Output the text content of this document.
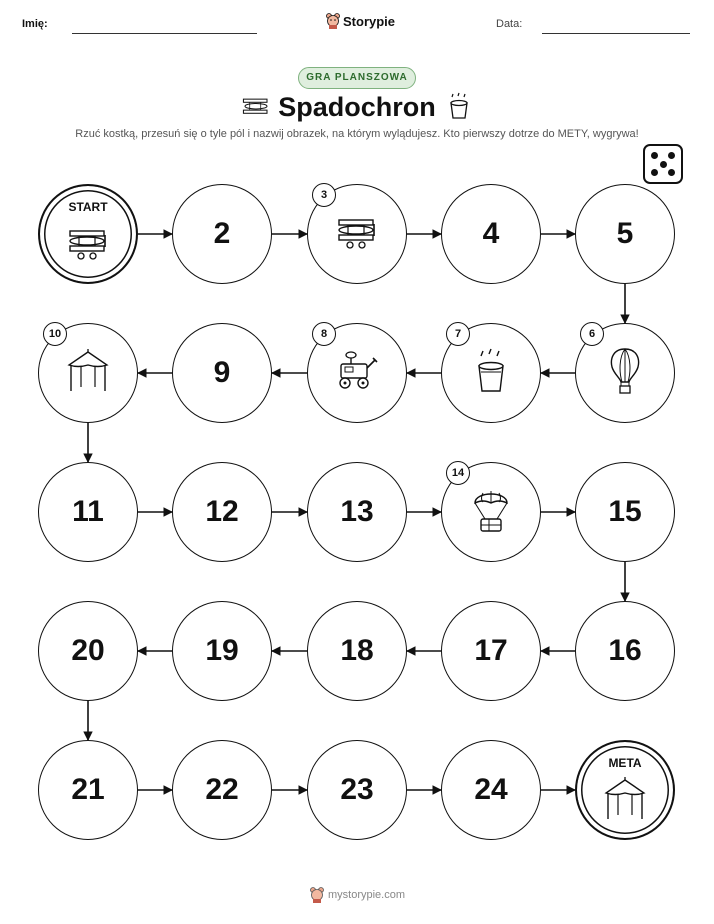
Imię:	Storypie	Data:
GRA PLANSZOWA
Spadochron
Rzuć kostką, przesuń się o tyle pól i nazwij obrazek, na którym wylądujesz. Kto pierwszy dotrze do METY, wygrywa!
START
2
3
4	5
6
7
8
9
10
11	12	13
14
15
16
17
18
19
20
21	22	23	24
META
mystorypie.com
